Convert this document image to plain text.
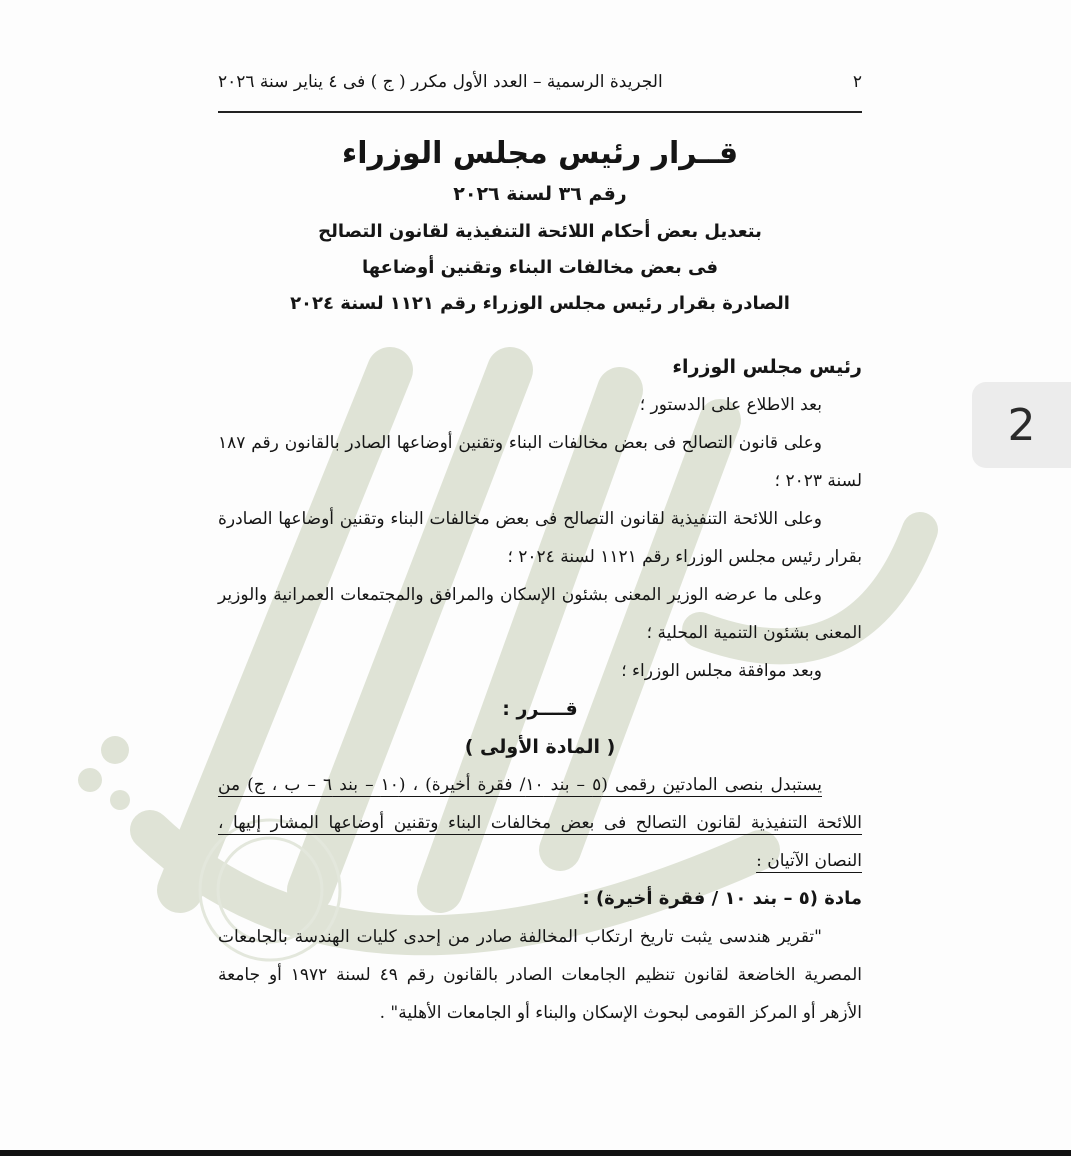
٢
الجريدة الرسمية – العدد الأول مكرر ( ج ) فى ٤ يناير سنة ٢٠٢٦
قــرار رئيس مجلس الوزراء
رقم ٣٦ لسنة ٢٠٢٦
بتعديل بعض أحكام اللائحة التنفيذية لقانون التصالح
فى بعض مخالفات البناء وتقنين أوضاعها
الصادرة بقرار رئيس مجلس الوزراء رقم ١١٢١ لسنة ٢٠٢٤

رئيس مجلس الوزراء

بعد الاطلاع على الدستور ؛

وعلى قانون التصالح فى بعض مخالفات البناء وتقنين أوضاعها الصادر بالقانون رقم ١٨٧ لسنة ٢٠٢٣ ؛

وعلى اللائحة التنفيذية لقانون التصالح فى بعض مخالفات البناء وتقنين أوضاعها الصادرة بقرار رئيس مجلس الوزراء رقم ١١٢١ لسنة ٢٠٢٤ ؛

وعلى ما عرضه الوزير المعنى بشئون الإسكان والمرافق والمجتمعات العمرانية والوزير المعنى بشئون التنمية المحلية ؛

وبعد موافقة مجلس الوزراء ؛

قــــرر :

( المادة الأولى )

يستبدل بنصى المادتين رقمى (٥ – بند ١٠/ فقرة أخيرة) ، (١٠ – بند ٦ – ب ، ج) من اللائحة التنفيذية لقانون التصالح فى بعض مخالفات البناء وتقنين أوضاعها المشار إليها ، النصان الآتيان :

مادة (٥ – بند ١٠ / فقرة أخيرة) :

"تقرير هندسى يثبت تاريخ ارتكاب المخالفة صادر من إحدى كليات الهندسة بالجامعات المصرية الخاضعة لقانون تنظيم الجامعات الصادر بالقانون رقم ٤٩ لسنة ١٩٧٢ أو جامعة الأزهر أو المركز القومى لبحوث الإسكان والبناء أو الجامعات الأهلية" .

2
